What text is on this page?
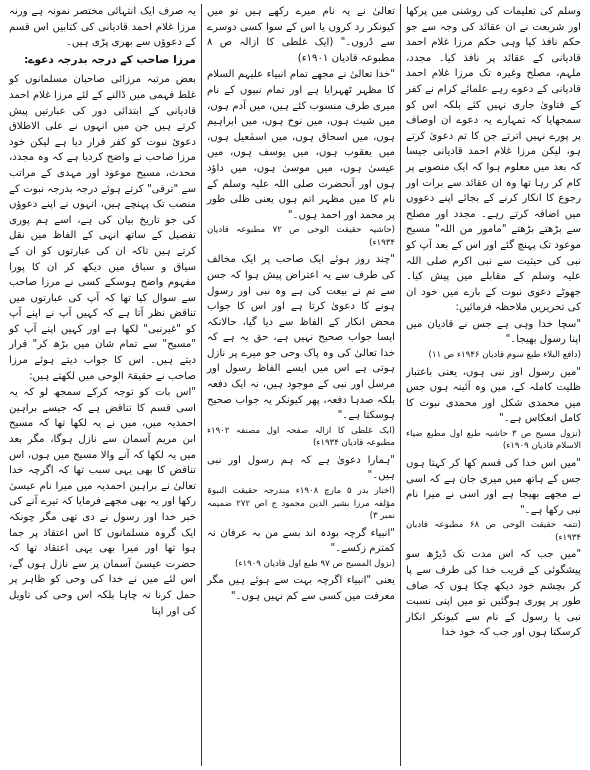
وسلم کی تعلیمات کی روشنی میں پرکھا اور شریعت نے ان عقائد کی وجہ سے جو حکم نافذ کیا وہی حکم مرزا غلام احمد قادیانی کے عقائد پر نافذ کیا۔ مجدد، ملہم، مصلح وغیرہ تک مرزا غلام احمد قادیانی کے دعوے رہے علمائے کرام نے کفر کے فتاویٰ جاری نہیں کئے بلکہ اس کو سمجھایا کہ تمہارے یہ دعوے ان اوصاف پر پورے نہیں اترتے جن کا تم دعویٰ کرتے ہو، لیکن مرزا غلام احمد قادیانی جیسا کہ بعد میں معلوم ہوا کہ ایک منصوبے پر کام کر رہا تھا وہ ان عقائد سے برات اور رجوع کا انکار کرنے کے بجائے اپنے دعووں میں اضافہ کرتے رہے۔ مجدد اور مصلح سے بڑھتے بڑھتے "مامور من اللہ" مسیح موعود تک پہنچ گئے اور اس کے بعد آپ کو نبی کی حیثیت سے نبی اکرم صلی اللہ علیہ وسلم کے مقابلے میں پیش کیا۔ جھوٹے دعوی نبوت کے بارے میں خود ان کی تحریریں ملاحظہ فرمائیں:

"سچا خدا وہی ہے جس نے قادیان میں اپنا رسول بھیجا۔"

(دافع البلاء طبع سوم قادیان ۱۹۴۶ء ص ۱۱)

"میں رسول اور نبی ہوں، یعنی باعتبار ظلیت کاملہ کے، میں وہ آئینہ ہوں جس میں محمدی شکل اور محمدی نبوت کا کامل انعکاس ہے۔"

(نزول مسیح ص ۳ حاشیہ طبع اول مطبع ضیاء الاسلام قادیان ۱۹۰۹ء)

"میں اس خدا کی قسم کھا کر کہتا ہوں جس کے ہاتھ میں میری جان ہے کہ اسی نے مجھے بھیجا ہے اور اسی نے میرا نام نبی رکھا ہے۔"

(تتمہ حقیقت الوحی ص ۶۸ مطبوعہ قادیان ۱۹۳۴ء)

"میں جب کہ اس مدت تک ڈیڑھ سو پیشگوئی کے قریب خدا کی طرف سے پا کر بچشم خود دیکھ چکا ہوں کہ صاف طور پر پوری ہوگئیں تو میں اپنی نسبت نبی یا رسول کے نام سے کیونکر انکار کرسکتا ہوں اور جب کہ خود خدا

تعالیٰ نے یہ نام میرے رکھے ہیں تو میں کیونکر رد کروں یا اس کے سوا کسی دوسرے سے ڈروں۔" (ایک غلطی کا ازالہ ص ۸ مطبوعہ قادیان ۱۹۰۱ء)

"خدا تعالیٰ نے مجھے تمام انبیاء علیہم السلام کا مظہر ٹھہرایا ہے اور تمام نبیوں کے نام میری طرف منسوب کئے ہیں، میں آدم ہوں، میں شیث ہوں، میں نوح ہوں، میں ابراہیم ہوں، میں اسحاق ہوں، میں اسمٰعیل ہوں، میں یعقوب ہوں، میں یوسف ہوں، میں عیسیٰ ہوں، میں موسیٰ ہوں، میں داؤد ہوں اور آنحضرت صلی اللہ علیہ وسلم کے نام کا میں مظہر اتم ہوں یعنی ظلی طور پر محمد اور احمد ہوں۔"

(حاشیہ حقیقت الوحی ص ۷۲ مطبوعہ قادیان ۱۹۳۴ء)

"چند روز ہوئے ایک صاحب پر ایک مخالف کی طرف سے یہ اعتراض پیش ہوا کہ جس سے تم نے بیعت کی ہے وہ نبی اور رسول ہونے کا دعویٰ کرتا ہے اور اس کا جواب محض انکار کے الفاظ سے دیا گیا، حالانکہ ایسا جواب صحیح نہیں ہے، حق یہ ہے کہ خدا تعالیٰ کی وہ پاک وحی جو میرے پر نازل ہوتی ہے اس میں ایسے الفاظ رسول اور مرسل اور نبی کے موجود ہیں، نہ ایک دفعہ بلکہ صدہا دفعہ، پھر کیونکر یہ جواب صحیح ہوسکتا ہے۔"

(ایک غلطی کا ازالہ صفحہ اول مصنفہ ۱۹۰۲ء مطبوعہ قادیان ۱۹۳۴ء)

"ہمارا دعویٰ ہے کہ ہم رسول اور نبی ہیں۔"

(اخبار بدر ۵ مارچ ۱۹۰۸ء مندرجہ حقیقت النبوۃ مؤلفہ مرزا بشیر الدین محمود ج اص ۲۷۲ ضمیمہ نمبر ۳)

"انبیاء گرچہ بودہ اند بسے من بہ عرفان نہ کمترم زکسے۔"

(نزول المسیح ص ۹۷ طبع اول قادیان ۱۹۰۹ء)

یعنی "انبیاء اگرچہ بہت سے ہوئے ہیں مگر معرفت میں کسی سے کم نہیں ہوں۔"

یہ صرف ایک انتہائی مختصر نمونہ ہے ورنہ مرزا غلام احمد قادیانی کی کتابیں اس قسم کے دعوؤں سے بھری پڑی ہیں۔

مرزا صاحب کے درجہ بدرجہ دعوے:

بعض مرتبہ مرزائی صاحبان مسلمانوں کو غلط فہمی میں ڈالنے کے لئے مرزا غلام احمد قادیانی کے ابتدائی دور کی عبارتیں پیش کرتے ہیں جن میں انہوں نے علی الاطلاق دعوئ نبوت کو کفر قرار دیا ہے لیکن خود مرزا صاحب نے واضح کردیا ہے کہ وہ مجدد، محدث، مسیح موعود اور مہدی کے مراتب سے "ترقی" کرتے ہوئے درجہ بدرجہ نبوت کے منصب تک پہنچے ہیں، انہوں نے اپنے دعوؤں کی جو تاریخ بیان کی ہے، اسے ہم پوری تفصیل کے ساتھ انہی کے الفاظ میں نقل کرتے ہیں تاکہ ان کی عبارتوں کو ان کے سیاق و سباق میں دیکھ کر ان کا پورا مفہوم واضح ہوسکے کسی نے مرزا صاحب سے سوال کیا تھا کہ آپ کی عبارتوں میں تناقض نظر آتا ہے کہ کہیں آپ نے اپنے آپ کو "غیرنبی" لکھا ہے اور کہیں اپنے آپ کو "مسیح" سے تمام شان میں بڑھ کر" قرار دیتے ہیں۔ اس کا جواب دیتے ہوئے مرزا صاحب نے حقیقۃ الوحی میں لکھتے ہیں:

"اس بات کو توجہ کرکے سمجھ لو کہ یہ اسی قسم کا تناقض ہے کہ جیسے براہین احمدیہ میں، میں نے یہ لکھا تھا کہ مسیح ابن مریم آسمان سے نازل ہوگا، مگر بعد میں یہ لکھا کہ آنے والا مسیح میں ہوں، اس تناقض کا بھی یہی سبب تھا کہ اگرچہ خدا تعالیٰ نے براہین احمدیہ میں میرا نام عیسیٰ رکھا اور یہ بھی مجھے فرمایا کہ تیرے آنے کی خبر خدا اور رسول نے دی تھی مگر چونکہ ایک گروہ مسلمانوں کا اس اعتقاد پر جما ہوا تھا اور میرا بھی یہی اعتقاد تھا کہ حضرت عیسیٰ آسمان پر سے نازل ہوں گے، اس لئے میں نے خدا کی وحی کو ظاہر پر حمل کرنا نہ چاہا بلکہ اس وحی کی تاویل کی اور اپنا
